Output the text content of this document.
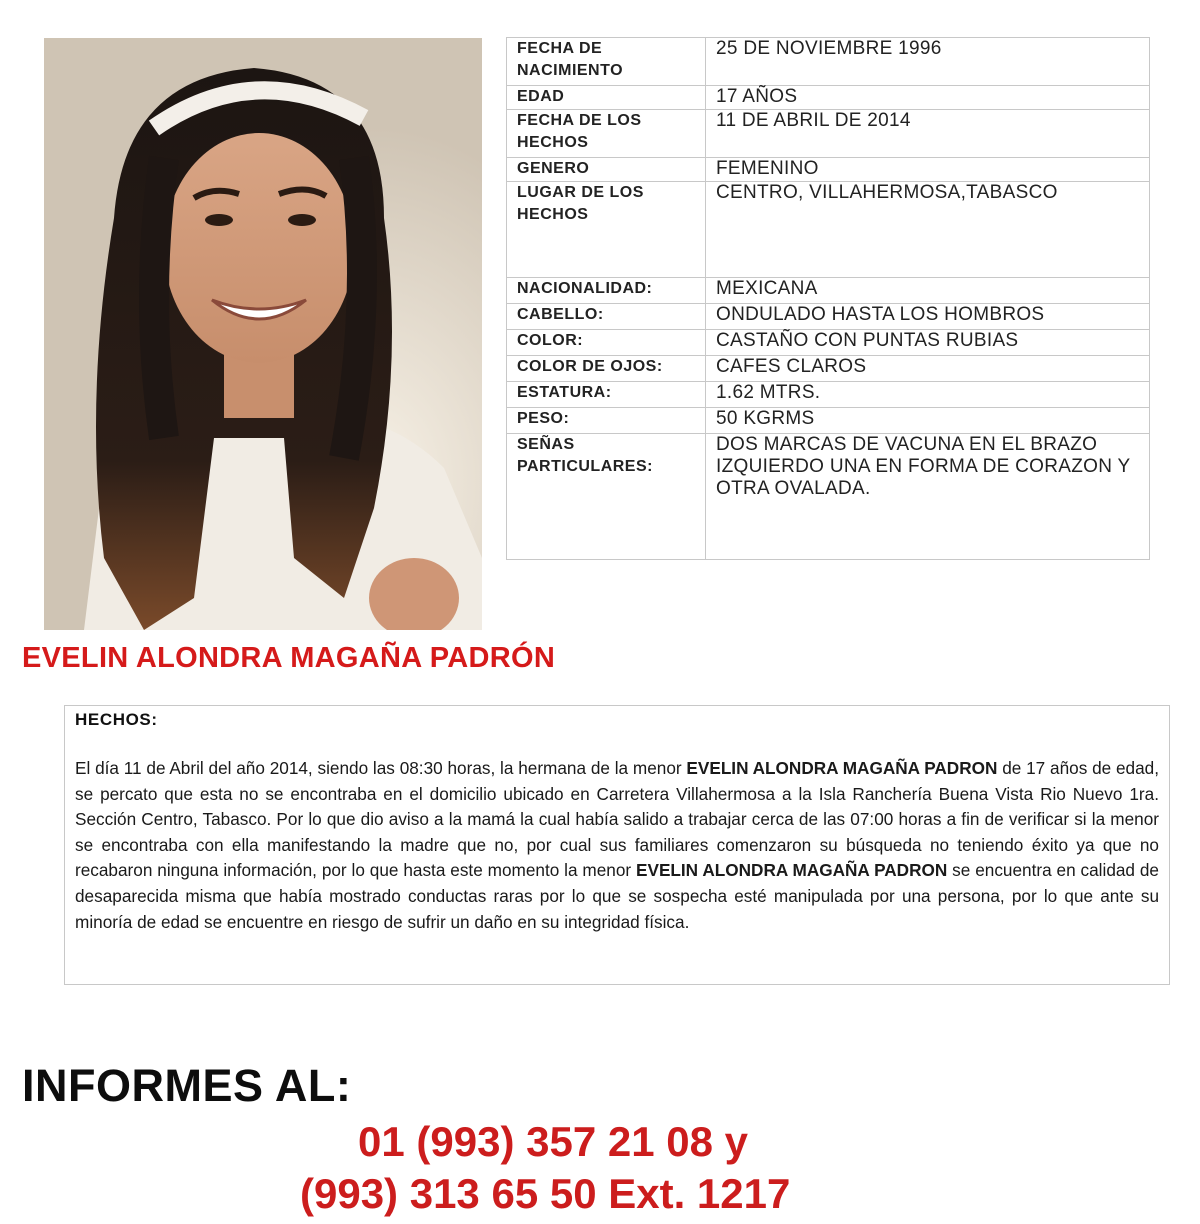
FECHA DE NACIMIENTO	25 DE NOVIEMBRE 1996
EDAD	17 AÑOS
FECHA DE LOS HECHOS	11 DE ABRIL DE 2014
GENERO	FEMENINO
LUGAR DE LOS HECHOS	CENTRO, VILLAHERMOSA,TABASCO
NACIONALIDAD:	MEXICANA
CABELLO:	ONDULADO HASTA LOS HOMBROS
COLOR:	CASTAÑO CON PUNTAS RUBIAS
COLOR DE OJOS:	CAFES CLAROS
ESTATURA:	1.62 MTRS.
PESO:	50 KGRMS
SEÑAS PARTICULARES:	DOS MARCAS DE VACUNA EN EL BRAZO IZQUIERDO UNA EN FORMA DE CORAZON Y OTRA OVALADA.
EVELIN ALONDRA MAGAÑA PADRÓN

HECHOS:

El día 11 de Abril del año 2014, siendo las 08:30 horas, la hermana de la menor EVELIN ALONDRA MAGAÑA PADRON de 17 años de edad, se percato que esta no se encontraba en el domicilio ubicado en Carretera Villahermosa a la Isla Ranchería Buena Vista Rio Nuevo 1ra. Sección Centro, Tabasco. Por lo que dio aviso a la mamá la cual había salido a trabajar cerca de las 07:00 horas a fin de verificar si la menor se encontraba con ella manifestando la madre que no, por cual sus familiares comenzaron su búsqueda no teniendo éxito ya que no recabaron ninguna información, por lo que hasta este momento la menor EVELIN ALONDRA MAGAÑA PADRON se encuentra en calidad de desaparecida misma que había mostrado conductas raras por lo que se sospecha esté manipulada por una persona, por lo que ante su minoría de edad se encuentre en riesgo de sufrir un daño en su integridad física.

INFORMES AL:

01 (993) 357 21 08 y

(993) 313 65 50 Ext. 1217
